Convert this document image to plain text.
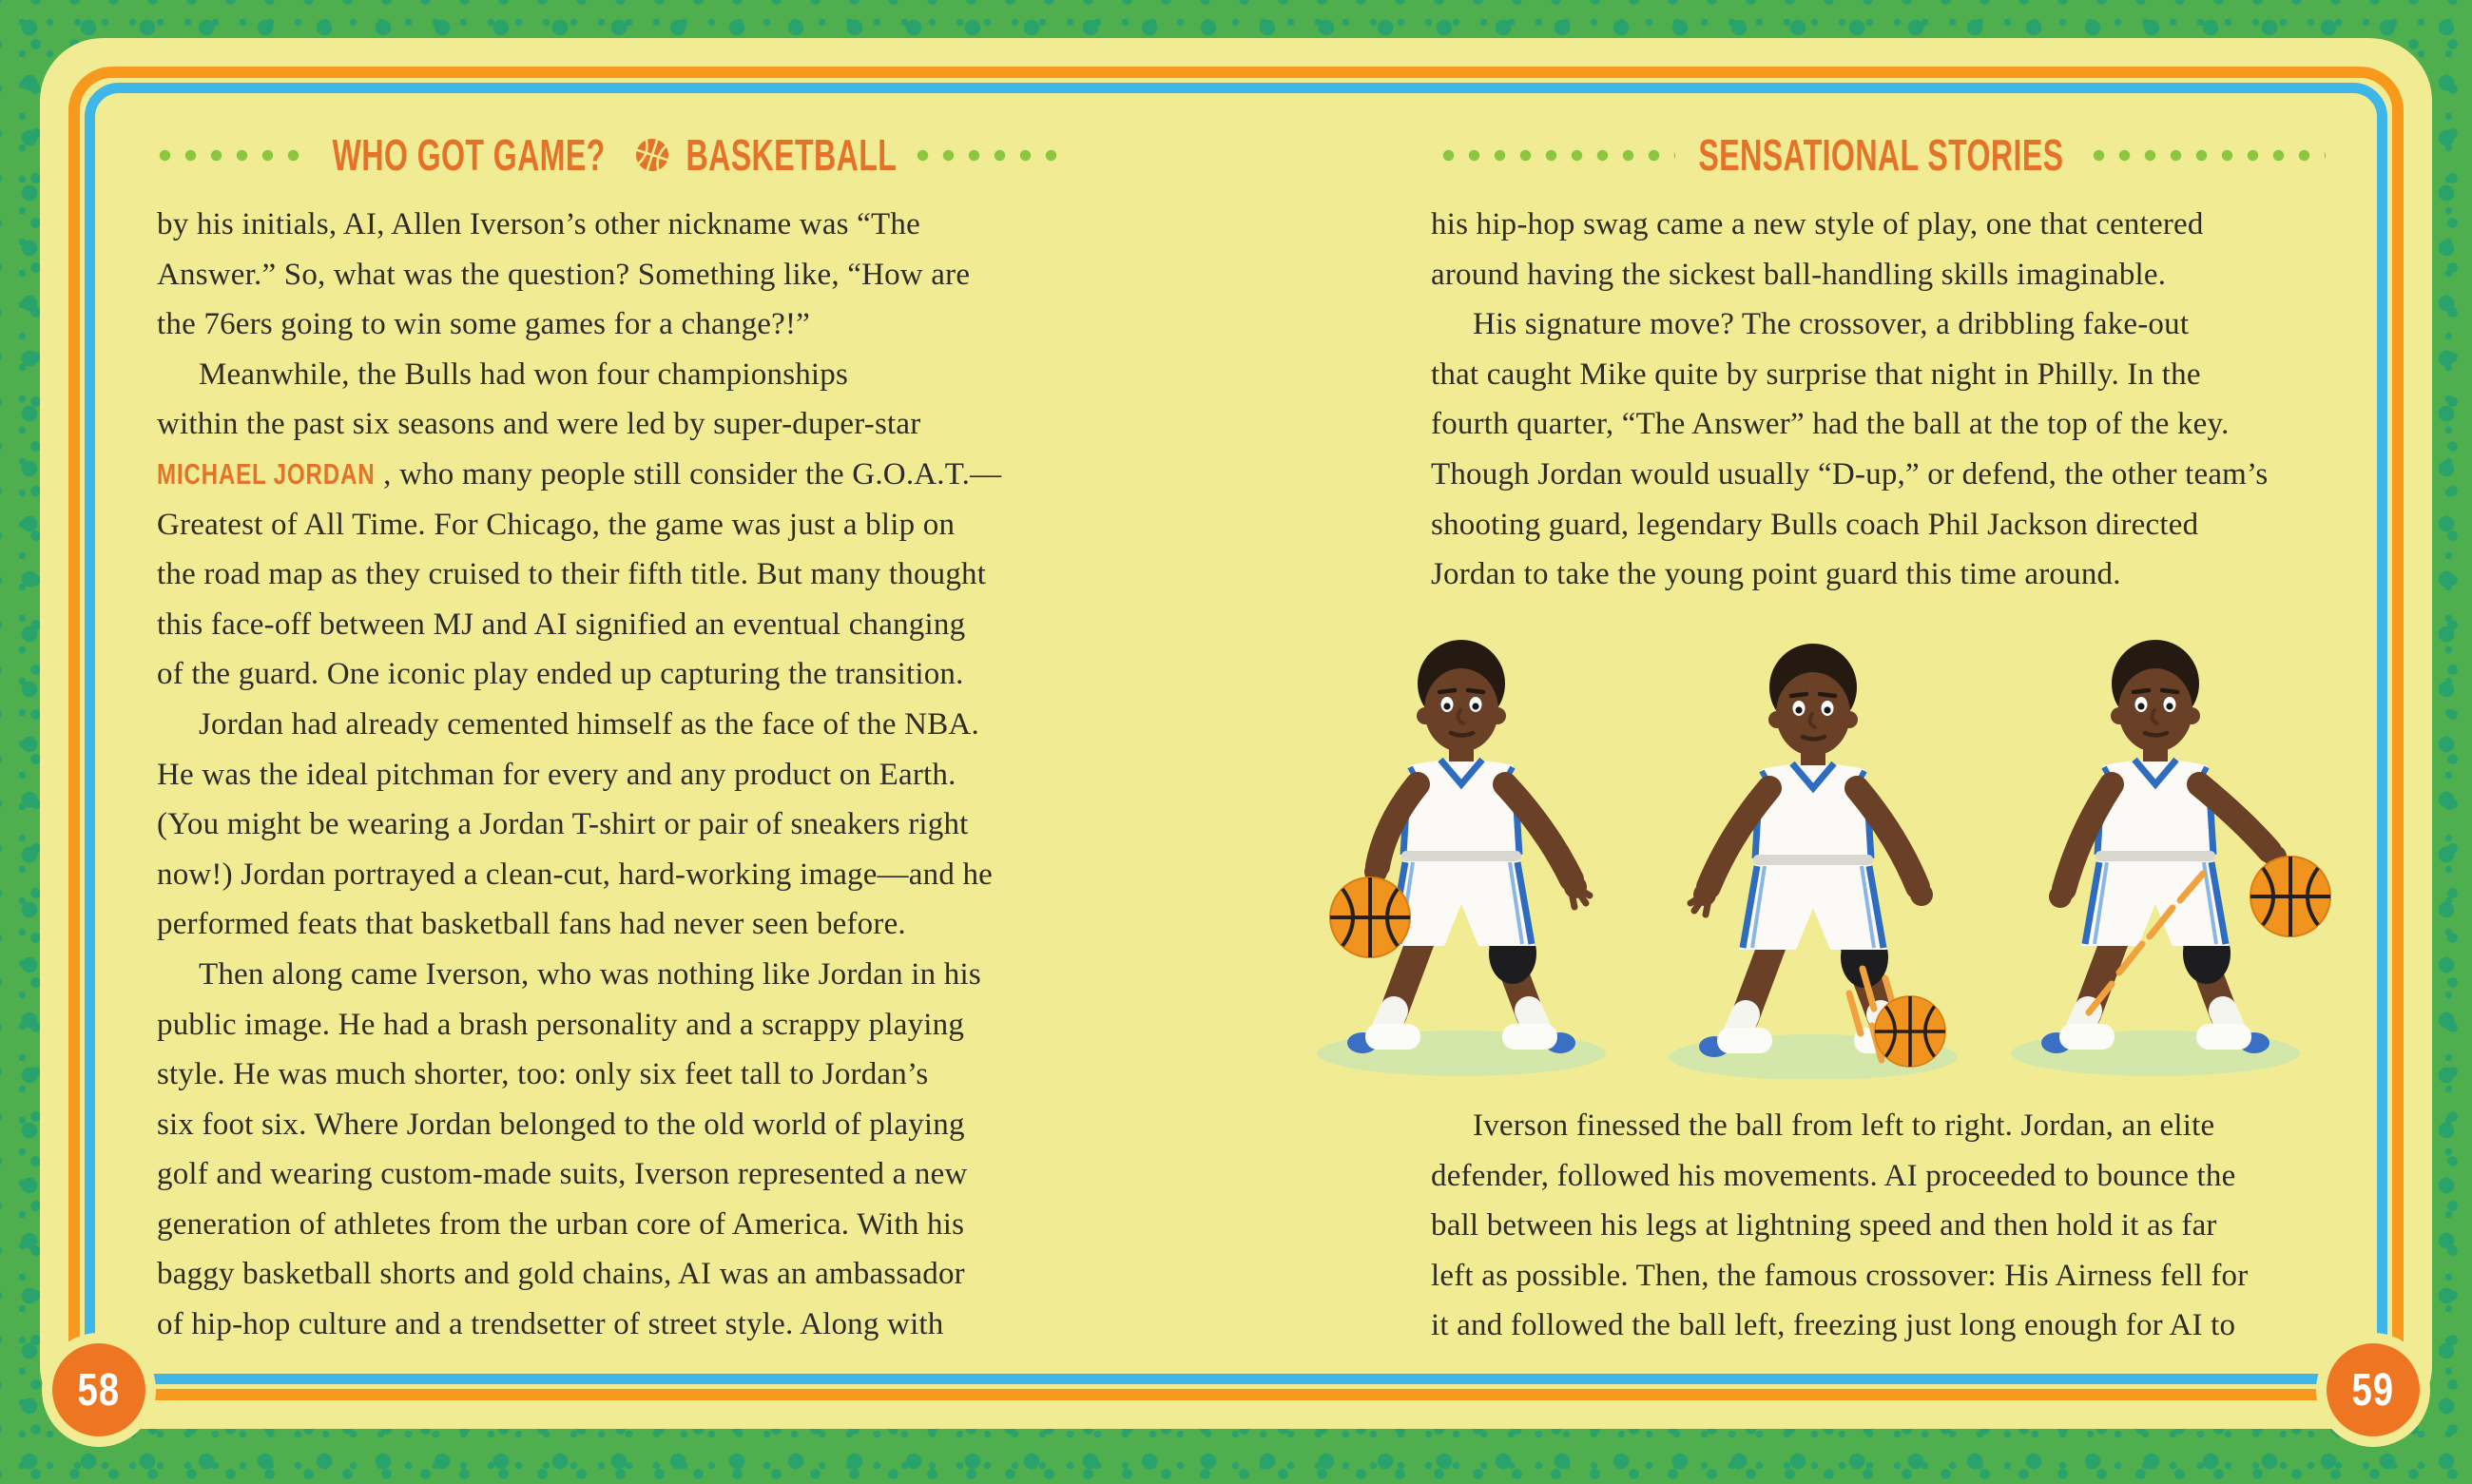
WHO GOT GAME? BASKETBALL	SENSATIONAL STORIES
by his initials, AI, Allen Iverson’s other nickname was “The
Answer.” So, what was the question? Something like, “How are
the 76ers going to win some games for a change?!”
Meanwhile, the Bulls had won four championships
within the past six seasons and were led by super-duper-star
MICHAEL JORDAN , who many people still consider the G.O.A.T.—
Greatest of All Time. For Chicago, the game was just a blip on
the road map as they cruised to their fifth title. But many thought
this face-off between MJ and AI signified an eventual changing
of the guard. One iconic play ended up capturing the transition.
Jordan had already cemented himself as the face of the NBA.
He was the ideal pitchman for every and any product on Earth.
(You might be wearing a Jordan T-shirt or pair of sneakers right
now!) Jordan portrayed a clean-cut, hard-working image—and he
performed feats that basketball fans had never seen before.
Then along came Iverson, who was nothing like Jordan in his
public image. He had a brash personality and a scrappy playing
style. He was much shorter, too: only six feet tall to Jordan’s
six foot six. Where Jordan belonged to the old world of playing
golf and wearing custom-made suits, Iverson represented a new
generation of athletes from the urban core of America. With his
baggy basketball shorts and gold chains, AI was an ambassador
of hip-hop culture and a trendsetter of street style. Along with
his hip-hop swag came a new style of play, one that centered
around having the sickest ball-handling skills imaginable.
His signature move? The crossover, a dribbling fake-out
that caught Mike quite by surprise that night in Philly. In the
fourth quarter, “The Answer” had the ball at the top of the key.
Though Jordan would usually “D-up,” or defend, the other team’s
shooting guard, legendary Bulls coach Phil Jackson directed
Jordan to take the young point guard this time around.
Iverson finessed the ball from left to right. Jordan, an elite
defender, followed his movements. AI proceeded to bounce the
ball between his legs at lightning speed and then hold it as far
left as possible. Then, the famous crossover: His Airness fell for
it and followed the ball left, freezing just long enough for AI to
58	59
